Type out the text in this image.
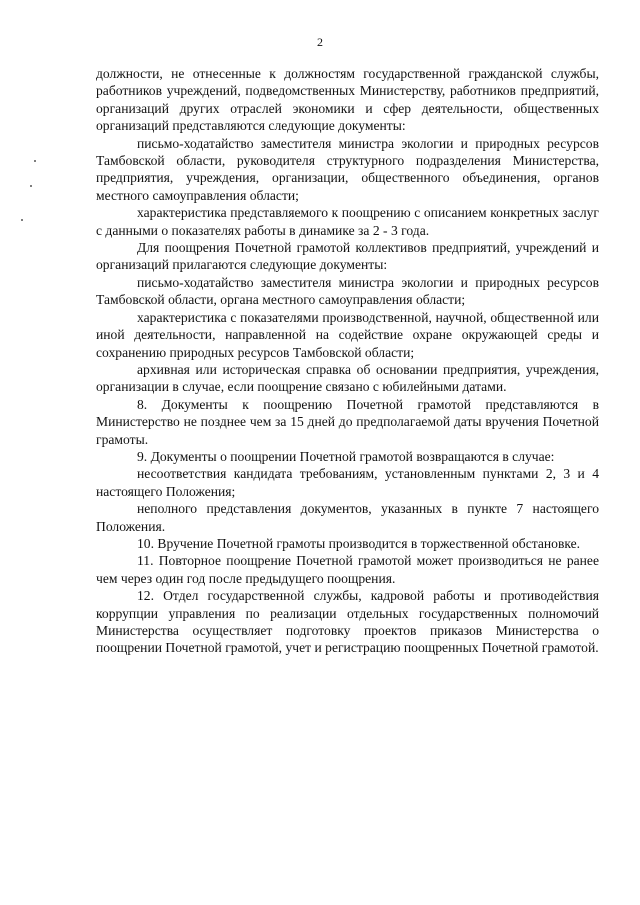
2

должности, не отнесенные к должностям государственной гражданской службы, работников учреждений, подведомственных Министерству, работников предприятий, организаций других отраслей экономики и сфер деятельности, общественных организаций представляются следующие документы:

письмо-ходатайство заместителя министра экологии и природных ресурсов Тамбовской области, руководителя структурного подразделения Министерства, предприятия, учреждения, организации, общественного объединения, органов местного самоуправления области;

характеристика представляемого к поощрению с описанием конкретных заслуг с данными о показателях работы в динамике за 2 - 3 года.

Для поощрения Почетной грамотой коллективов предприятий, учреждений и организаций прилагаются следующие документы:

письмо-ходатайство заместителя министра экологии и природных ресурсов Тамбовской области, органа местного самоуправления области;

характеристика с показателями производственной, научной, общественной или иной деятельности, направленной на содействие охране окружающей среды и сохранению природных ресурсов Тамбовской области;

архивная или историческая справка об основании предприятия, учреждения, организации в случае, если поощрение связано с юбилейными датами.

8. Документы к поощрению Почетной грамотой представляются в Министерство не позднее чем за 15 дней до предполагаемой даты вручения Почетной грамоты.

9. Документы о поощрении Почетной грамотой возвращаются в случае:

несоответствия кандидата требованиям, установленным пунктами 2, 3 и 4 настоящего Положения;

неполного представления документов, указанных в пункте 7 настоящего Положения.

10. Вручение Почетной грамоты производится в торжественной обстановке.

11. Повторное поощрение Почетной грамотой может производиться не ранее чем через один год после предыдущего поощрения.

12. Отдел государственной службы, кадровой работы и противодействия коррупции управления по реализации отдельных государственных полномочий Министерства осуществляет подготовку проектов приказов Министерства о поощрении Почетной грамотой, учет и регистрацию поощренных Почетной грамотой.
